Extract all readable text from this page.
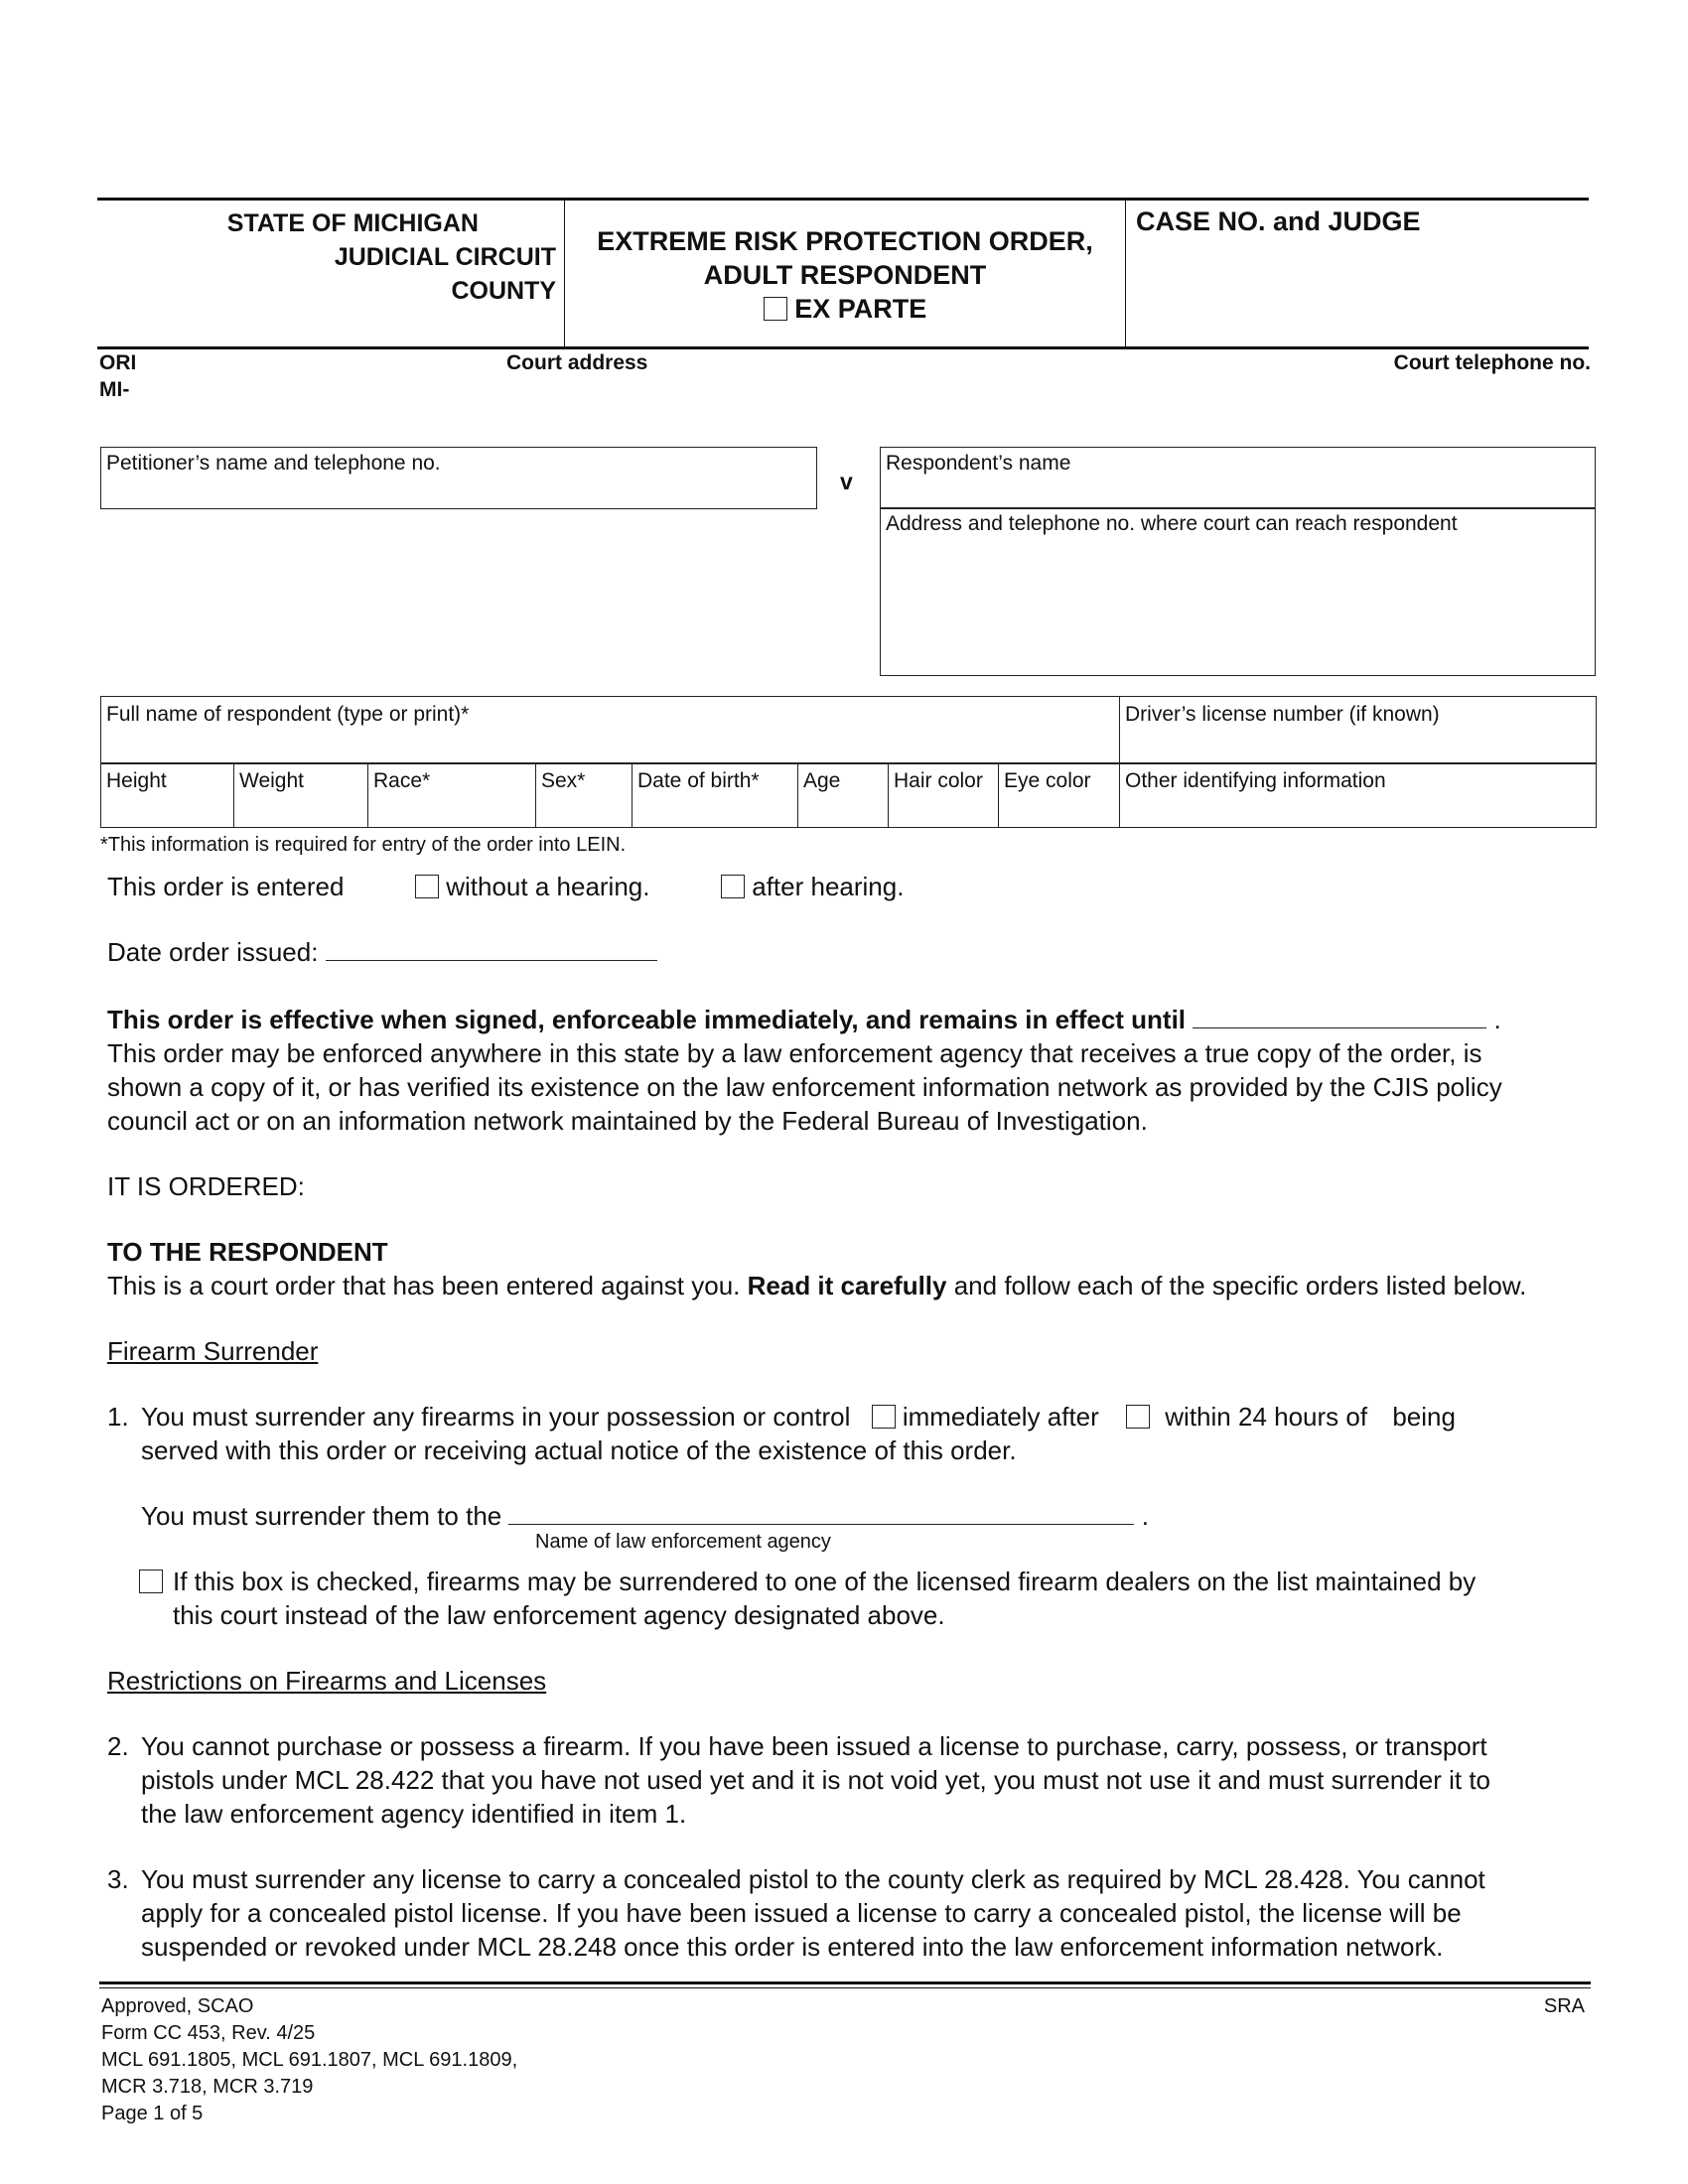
STATE OF MICHIGAN
JUDICIAL CIRCUIT
COUNTY
EXTREME RISK PROTECTION ORDER,
ADULT RESPONDENT
EX PARTE
CASE NO. and JUDGE
ORI
MI-
Court address	Court telephone no.
Petitioner’s name and telephone no.
v
Respondent’s name
Address and telephone no. where court can reach respondent
Full name of respondent (type or print)*	Driver’s license number (if known)
Height	Weight	Race*	Sex*	Date of birth*	Age	Hair color	Eye color	Other identifying information
*This information is required for entry of the order into LEIN.
This order is entered	without a hearing.	after hearing.
Date order issued:
This order is effective when signed, enforceable immediately, and remains in effect until	.
This order may be enforced anywhere in this state by a law enforcement agency that receives a true copy of the order, is
shown a copy of it, or has verified its existence on the law enforcement information network as provided by the CJIS policy
council act or on an information network maintained by the Federal Bureau of Investigation.
IT IS ORDERED:
TO THE RESPONDENT
This is a court order that has been entered against you. Read it carefully and follow each of the specific orders listed below.
Firearm Surrender
1. You must surrender any firearms in your possession or control immediately after	within 24 hours of being
served with this order or receiving actual notice of the existence of this order.
You must surrender them to the	.
Name of law enforcement agency
If this box is checked, firearms may be surrendered to one of the licensed firearm dealers on the list maintained by
this court instead of the law enforcement agency designated above.
Restrictions on Firearms and Licenses
2. You cannot purchase or possess a firearm. If you have been issued a license to purchase, carry, possess, or transport
pistols under MCL 28.422 that you have not used yet and it is not void yet, you must not use it and must surrender it to
the law enforcement agency identified in item 1.
3. You must surrender any license to carry a concealed pistol to the county clerk as required by MCL 28.428. You cannot
apply for a concealed pistol license. If you have been issued a license to carry a concealed pistol, the license will be
suspended or revoked under MCL 28.248 once this order is entered into the law enforcement information network.
Approved, SCAO
Form CC 453, Rev. 4/25
MCL 691.1805, MCL 691.1807, MCL 691.1809,
MCR 3.718, MCR 3.719
Page 1 of 5
SRA
